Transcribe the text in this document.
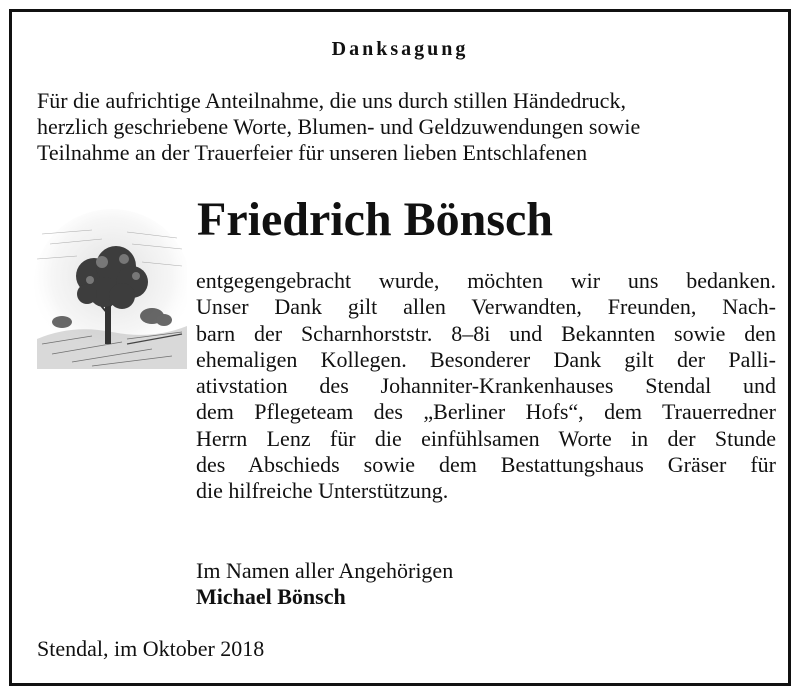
Danksagung
Für die aufrichtige Anteilnahme, die uns durch stillen Händedruck,
herzlich geschriebene Worte, Blumen- und Geldzuwendungen sowie
Teilnahme an der Trauerfeier für unseren lieben Entschlafenen
Friedrich Bönsch
entgegengebracht wurde, möchten wir uns bedanken.
Unser Dank gilt allen Verwandten, Freunden, Nach-
barn der Scharnhorststr. 8–8i und Bekannten sowie den
ehemaligen Kollegen. Besonderer Dank gilt der Palli-
ativstation des Johanniter-Krankenhauses Stendal und
dem Pflegeteam des „Berliner Hofs“, dem Trauerredner
Herrn Lenz für die einfühlsamen Worte in der Stunde
des Abschieds sowie dem Bestattungshaus Gräser für
die hilfreiche Unterstützung.
Im Namen aller Angehörigen
Michael Bönsch
Stendal, im Oktober 2018
